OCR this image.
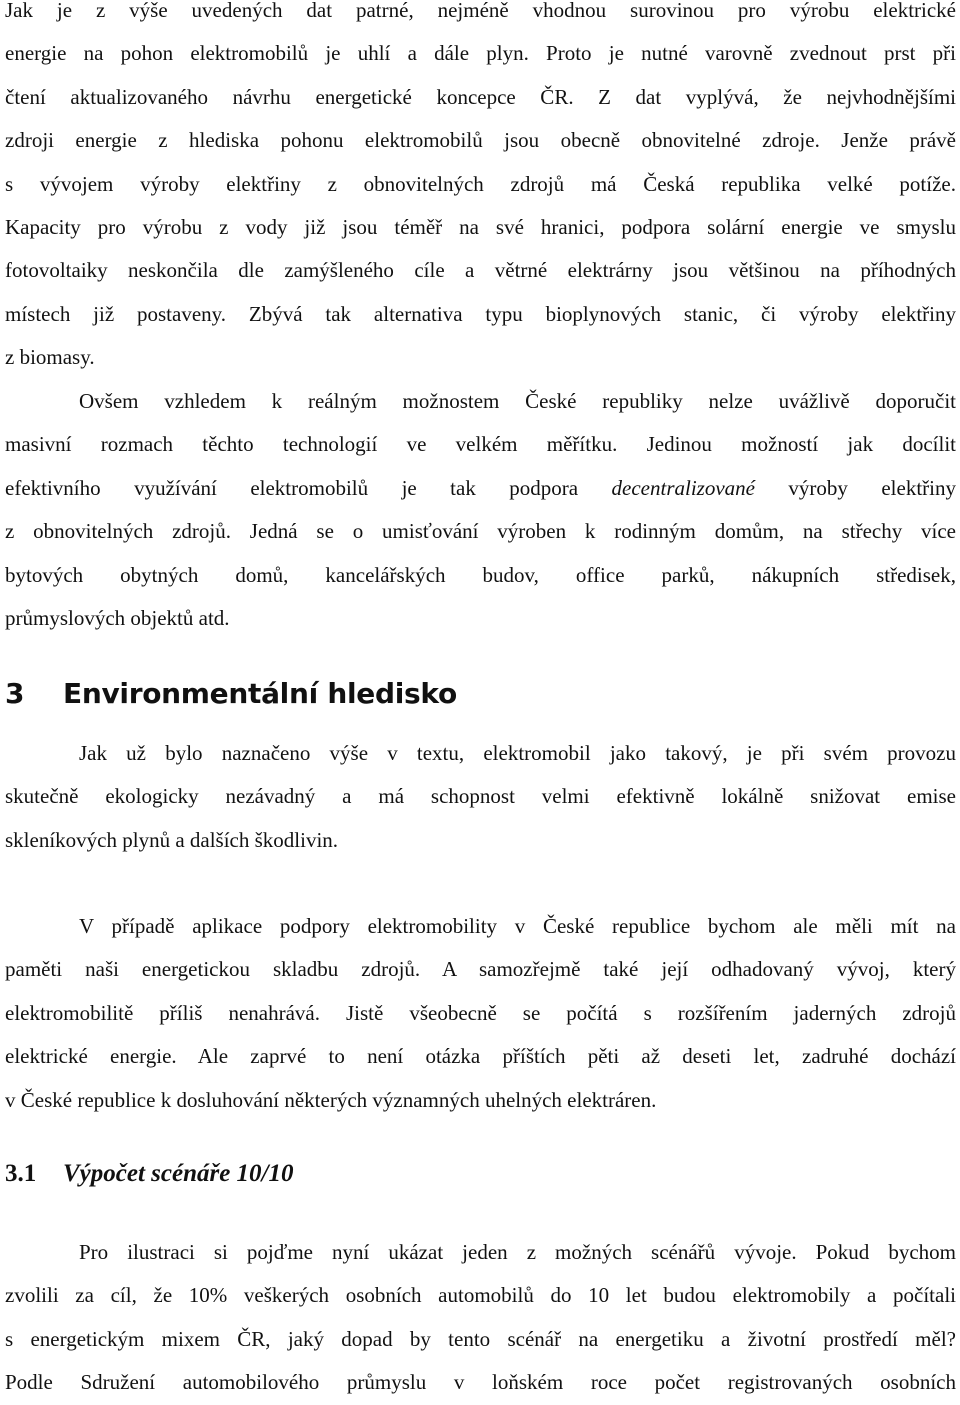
Jak je z výše uvedených dat patrné, nejméně vhodnou surovinou pro výrobu elektrické
energie na pohon elektromobilů je uhlí a dále plyn. Proto je nutné varovně zvednout prst při
čtení aktualizovaného návrhu energetické koncepce ČR. Z dat vyplývá, že nejvhodnějšími
zdroji energie z hlediska pohonu elektromobilů jsou obecně obnovitelné zdroje. Jenže právě
s vývojem výroby elektřiny z obnovitelných zdrojů má Česká republika velké potíže.
Kapacity pro výrobu z vody již jsou téměř na své hranici, podpora solární energie ve smyslu
fotovoltaiky neskončila dle zamýšleného cíle a větrné elektrárny jsou většinou na příhodných
místech již postaveny. Zbývá tak alternativa typu bioplynových stanic, či výroby elektřiny
z biomasy.
Ovšem vzhledem k reálným možnostem České republiky nelze uvážlivě doporučit
masivní rozmach těchto technologií ve velkém měřítku. Jedinou možností jak docílit
efektivního využívání elektromobilů je tak podpora decentralizované výroby elektřiny
z obnovitelných zdrojů. Jedná se o umisťování výroben k rodinným domům, na střechy více
bytových obytných domů, kancelářských budov, office parků, nákupních středisek,
průmyslových objektů atd.
3 Environmentální hledisko
Jak už bylo naznačeno výše v textu, elektromobil jako takový, je při svém provozu
skutečně ekologicky nezávadný a má schopnost velmi efektivně lokálně snižovat emise
skleníkových plynů a dalších škodlivin.
V případě aplikace podpory elektromobility v České republice bychom ale měli mít na
paměti naši energetickou skladbu zdrojů. A samozřejmě také její odhadovaný vývoj, který
elektromobilitě příliš nenahrává. Jistě všeobecně se počítá s rozšířením jaderných zdrojů
elektrické energie. Ale zaprvé to není otázka příštích pěti až deseti let, zadruhé dochází
v České republice k dosluhování některých významných uhelných elektráren.
3.1 Výpočet scénáře 10/10
Pro ilustraci si pojďme nyní ukázat jeden z možných scénářů vývoje. Pokud bychom
zvolili za cíl, že 10% veškerých osobních automobilů do 10 let budou elektromobily a počítali
s energetickým mixem ČR, jaký dopad by tento scénář na energetiku a životní prostředí měl?
Podle Sdružení automobilového průmyslu v loňském roce počet registrovaných osobních
